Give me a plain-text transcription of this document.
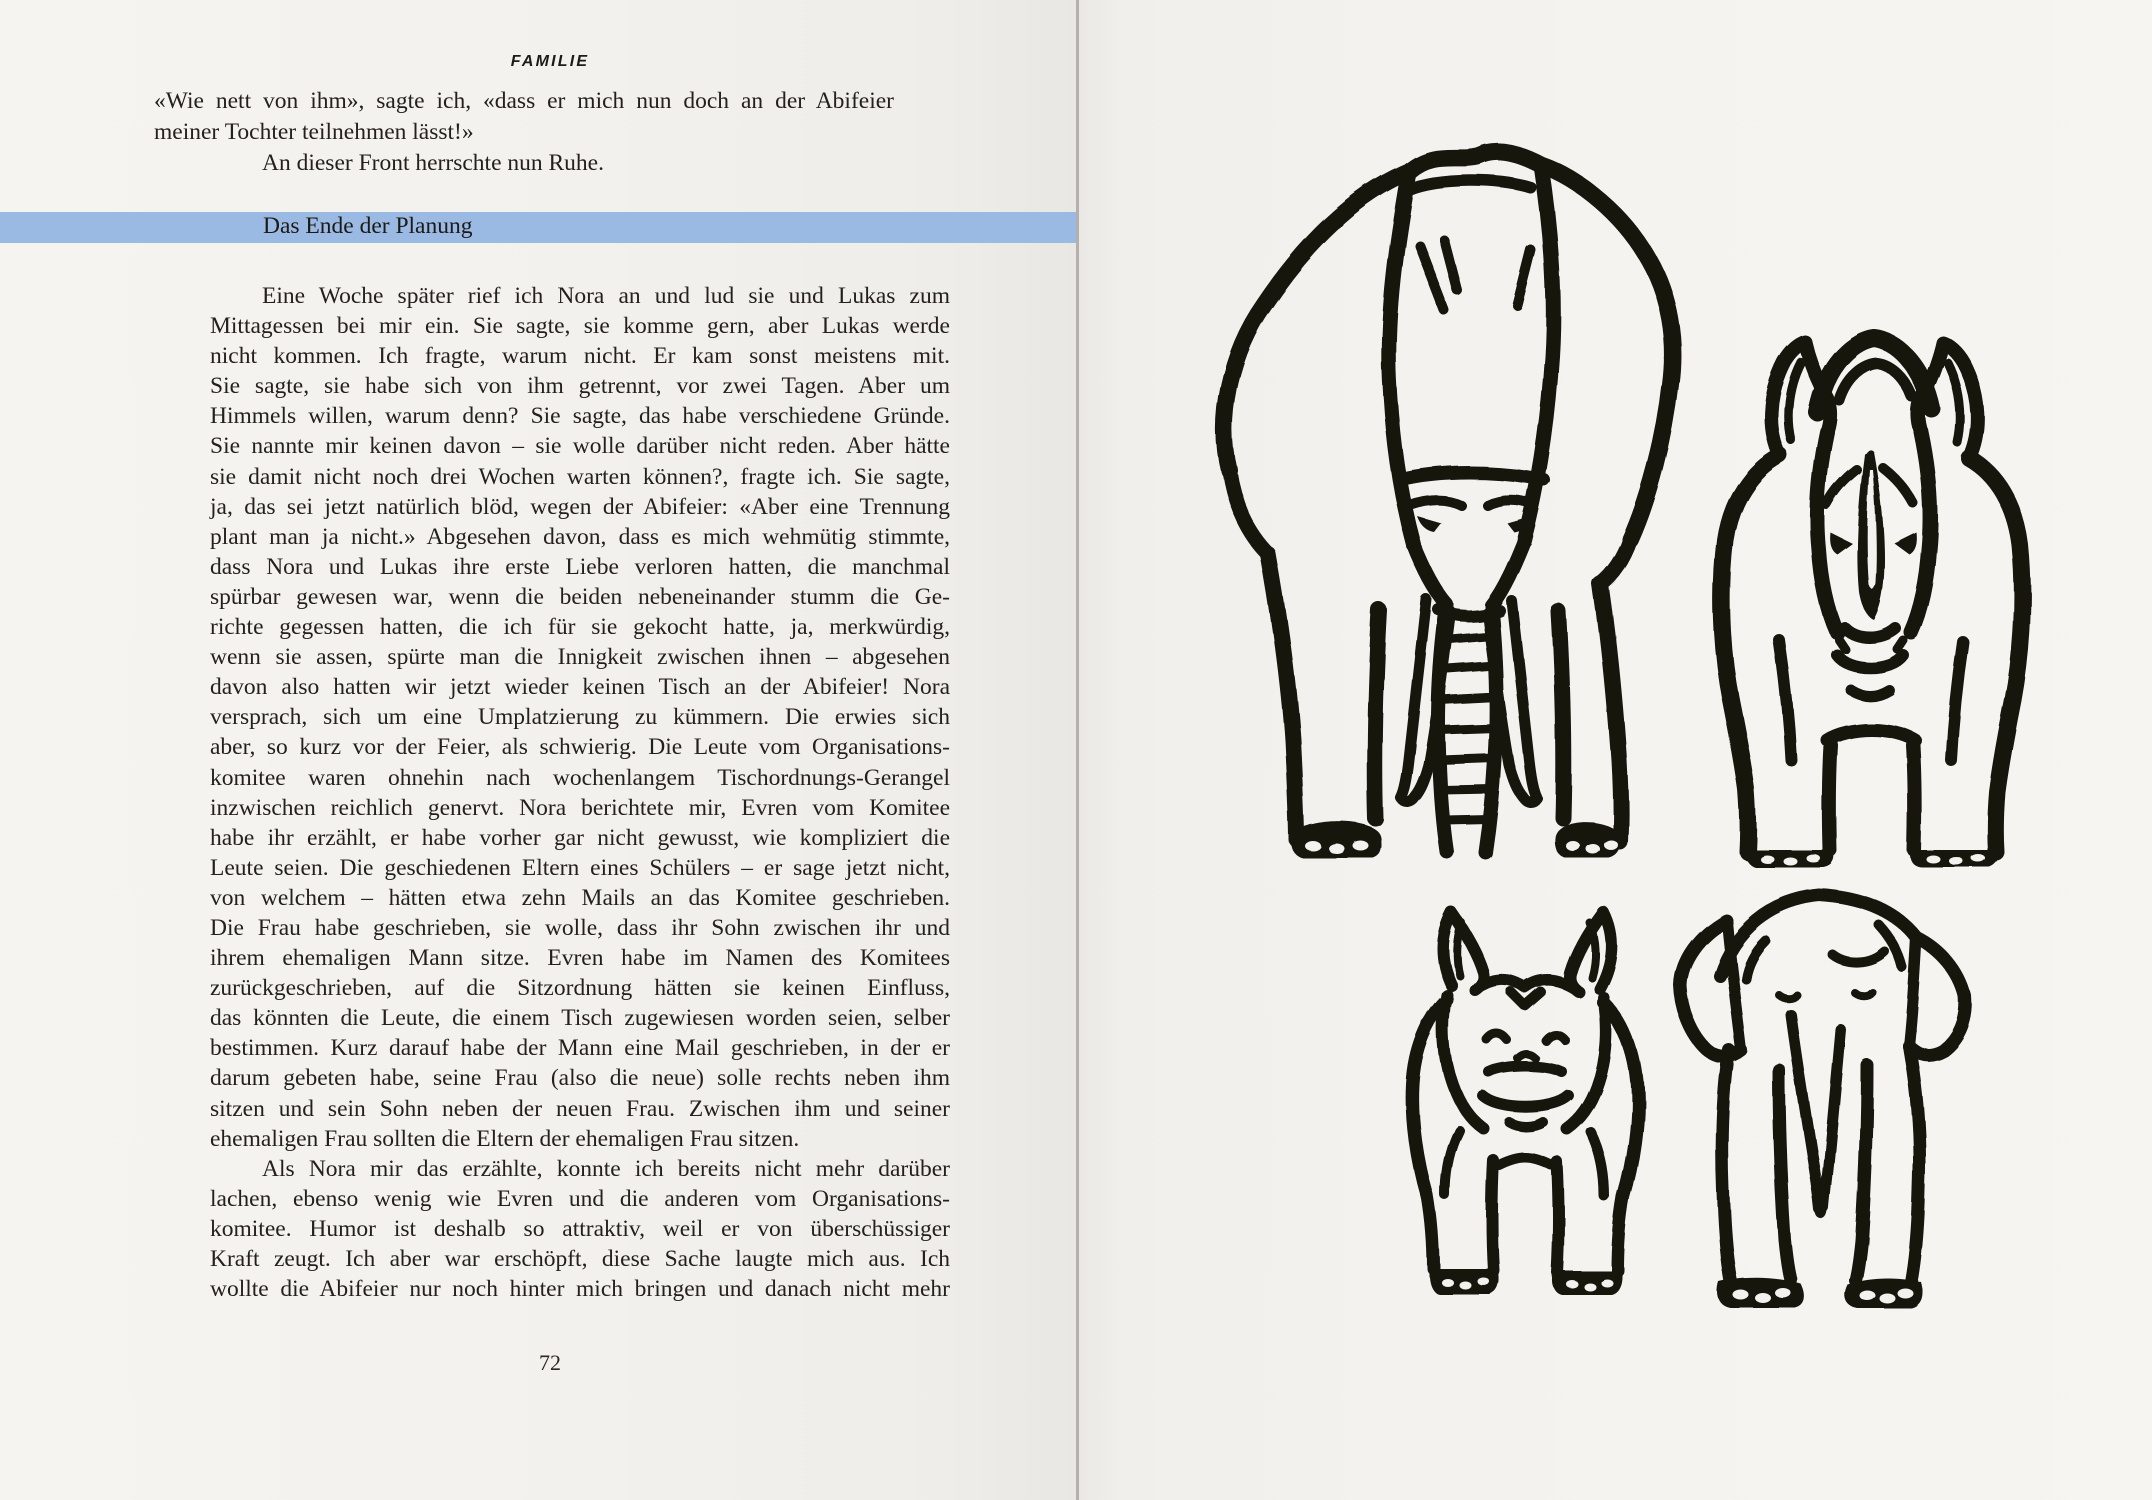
FAMILIE
«Wie nett von ihm», sagte ich, «dass er mich nun doch an der Abifeier
meiner Tochter teilnehmen lässt!»
An dieser Front herrschte nun Ruhe.
Das Ende der Planung
Eine Woche später rief ich Nora an und lud sie und Lukas zum
Mittagessen bei mir ein. Sie sagte, sie komme gern, aber Lukas werde
nicht kommen. Ich fragte, warum nicht. Er kam sonst meistens mit.
Sie sagte, sie habe sich von ihm getrennt, vor zwei Tagen. Aber um
Himmels willen, warum denn? Sie sagte, das habe verschiedene Gründe.
Sie nannte mir keinen davon – sie wolle darüber nicht reden. Aber hätte
sie damit nicht noch drei Wochen warten können?, fragte ich. Sie sagte,
ja, das sei jetzt natürlich blöd, wegen der Abifeier: «Aber eine Trennung
plant man ja nicht.» Abgesehen davon, dass es mich wehmütig stimmte,
dass Nora und Lukas ihre erste Liebe verloren hatten, die manchmal
spürbar gewesen war, wenn die beiden nebeneinander stumm die Ge-
richte gegessen hatten, die ich für sie gekocht hatte, ja, merkwürdig,
wenn sie assen, spürte man die Innigkeit zwischen ihnen – abgesehen
davon also hatten wir jetzt wieder keinen Tisch an der Abifeier! Nora
versprach, sich um eine Umplatzierung zu kümmern. Die erwies sich
aber, so kurz vor der Feier, als schwierig. Die Leute vom Organisations-
komitee waren ohnehin nach wochenlangem Tischordnungs-Gerangel
inzwischen reichlich genervt. Nora berichtete mir, Evren vom Komitee
habe ihr erzählt, er habe vorher gar nicht gewusst, wie kompliziert die
Leute seien. Die geschiedenen Eltern eines Schülers – er sage jetzt nicht,
von welchem – hätten etwa zehn Mails an das Komitee geschrieben.
Die Frau habe geschrieben, sie wolle, dass ihr Sohn zwischen ihr und
ihrem ehemaligen Mann sitze. Evren habe im Namen des Komitees
zurückgeschrieben, auf die Sitzordnung hätten sie keinen Einfluss,
das könnten die Leute, die einem Tisch zugewiesen worden seien, selber
bestimmen. Kurz darauf habe der Mann eine Mail geschrieben, in der er
darum gebeten habe, seine Frau (also die neue) solle rechts neben ihm
sitzen und sein Sohn neben der neuen Frau. Zwischen ihm und seiner
ehemaligen Frau sollten die Eltern der ehemaligen Frau sitzen.
Als Nora mir das erzählte, konnte ich bereits nicht mehr darüber
lachen, ebenso wenig wie Evren und die anderen vom Organisations-
komitee. Humor ist deshalb so attraktiv, weil er von überschüssiger
Kraft zeugt. Ich aber war erschöpft, diese Sache laugte mich aus. Ich
wollte die Abifeier nur noch hinter mich bringen und danach nicht mehr
72
